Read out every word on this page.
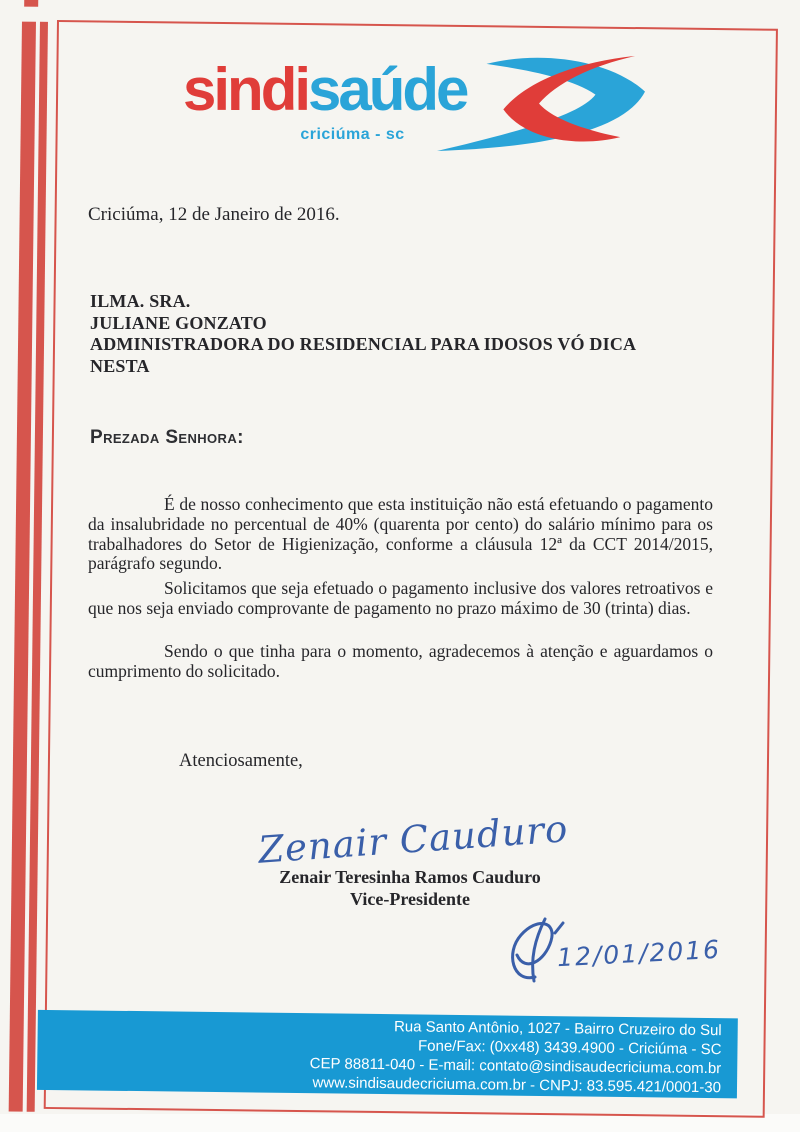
Rua Santo Antônio, 1027 - Bairro Cruzeiro do Sul
Fone/Fax: (0xx48) 3439.4900 - Criciúma - SC
CEP 88811-040 - E-mail: contato@sindisaudecriciuma.com.br
www.sindisaudecriciuma.com.br - CNPJ: 83.595.421/0001-30
sindisaúde
criciúma - sc
Criciúma, 12 de Janeiro de 2016.
ILMA. SRA.
JULIANE GONZATO
ADMINISTRADORA DO RESIDENCIAL PARA IDOSOS VÓ DICA
NESTA
Prezada Senhora:

É de nosso conhecimento que esta instituição não está efetuando o pagamento da insalubridade no percentual de 40% (quarenta por cento) do salário mínimo para os trabalhadores do Setor de Higienização, conforme a cláusula 12ª da CCT 2014/2015, parágrafo segundo.

Solicitamos que seja efetuado o pagamento inclusive dos valores retroativos e que nos seja enviado comprovante de pagamento no prazo máximo de 30 (trinta) dias.

Sendo o que tinha para o momento, agradecemos à atenção e aguardamos o cumprimento do solicitado.

Atenciosamente,
Zenair Cauduro
Zenair Teresinha Ramos Cauduro
Vice-Presidente
12/01/2016
